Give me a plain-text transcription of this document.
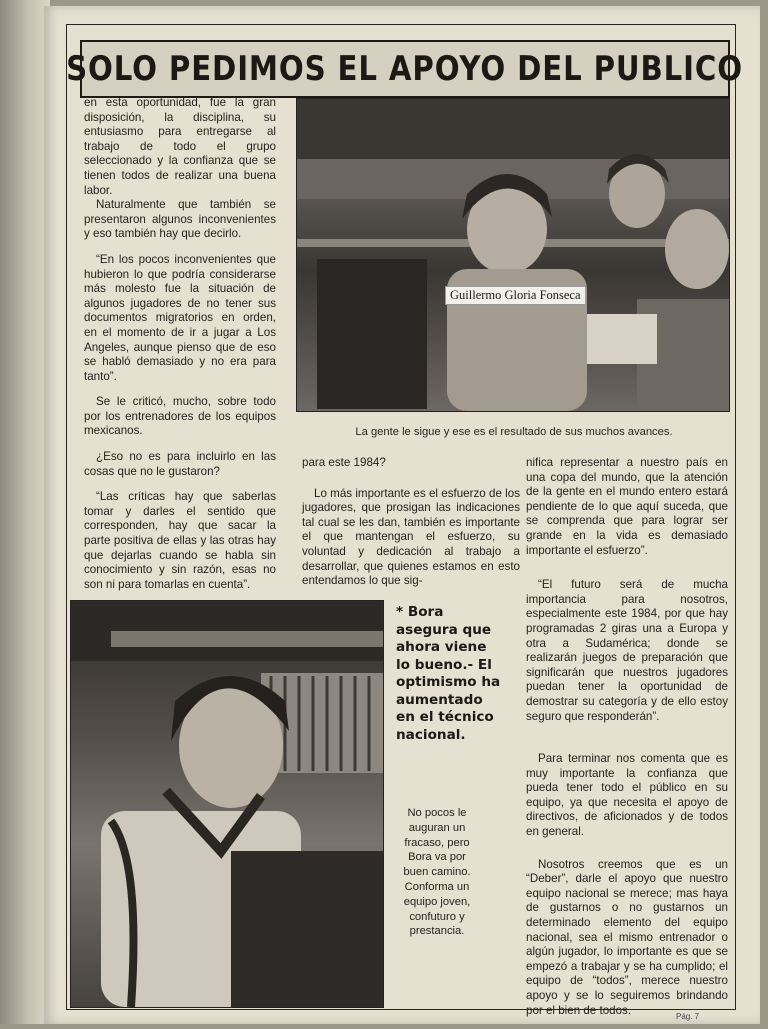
SOLO PEDIMOS EL APOYO DEL PUBLICO

en esta oportunidad, fue la gran disposición, la disciplina, su entusiasmo para entregarse al trabajo de todo el grupo seleccionado y la confianza que se tienen todos de realizar una buena labor.

Naturalmente que también se presentaron algunos inconvenientes y eso también hay que decirlo.

“En los pocos inconvenientes que hubieron lo que podría considerarse más molesto fue la situación de algunos jugadores de no tener sus documentos migratorios en orden, en el momento de ir a jugar a Los Angeles, aunque pienso que de eso se habló demasiado y no era para tanto”.

Se le criticó, mucho, sobre todo por los entrenadores de los equipos mexicanos.

¿Eso no es para incluirlo en las cosas que no le gustaron?

“Las críticas hay que saberlas tomar y darles el sentido que corresponden, hay que sacar la parte positiva de ellas y las otras hay que dejarlas cuando se habla sin conocimiento y sin razón, esas no son ni para tomarlas en cuenta”.

Guillermo Gloria Fonseca
La gente le sigue y ese es el resultado de sus muchos avances.

para este 1984?

Lo más importante es el esfuerzo de los jugadores, que prosigan las indicaciones tal cual se les dan, también es importante el que mantengan el esfuerzo, su voluntad y dedicación al trabajo a desarrollar, que quienes estamos en esto entendamos lo que sig-

nifica representar a nuestro país en una copa del mundo, que la atención de la gente en el mundo entero estará pendiente de lo que aquí suceda, que se comprenda que para lograr ser grande en la vida es demasiado importante el esfuerzo”.

“El futuro será de mucha importancia para nosotros, especialmente este 1984, por que hay programadas 2 giras una a Europa y otra a Sudamérica; donde se realizarán juegos de preparación que significarán que nuestros jugadores puedan tener la oportunidad de demostrar su categoría y de ello estoy seguro que responderán”.

Para terminar nos comenta que es muy importante la confianza que pueda tener todo el público en su equipo, ya que necesita el apoyo de directivos, de aficionados y de todos en general.

Nosotros creemos que es un “Deber”, darle el apoyo que nuestro equipo nacional se merece; mas haya de gustarnos o no gustarnos un determinado elemento del equipo nacional, sea el mismo entrenador o algún jugador, lo importante es que se empezó a trabajar y se ha cumplido; el equipo de “todos”, merece nuestro apoyo y se lo seguiremos brindando por el bien de todos.

* Bora asegura que ahora viene lo bueno.- El optimismo ha aumentado en el técnico nacional.
No pocos le auguran un fracaso, pero Bora va por buen camino. Conforma un equipo joven, confuturo y prestancia.
Pág. 7
